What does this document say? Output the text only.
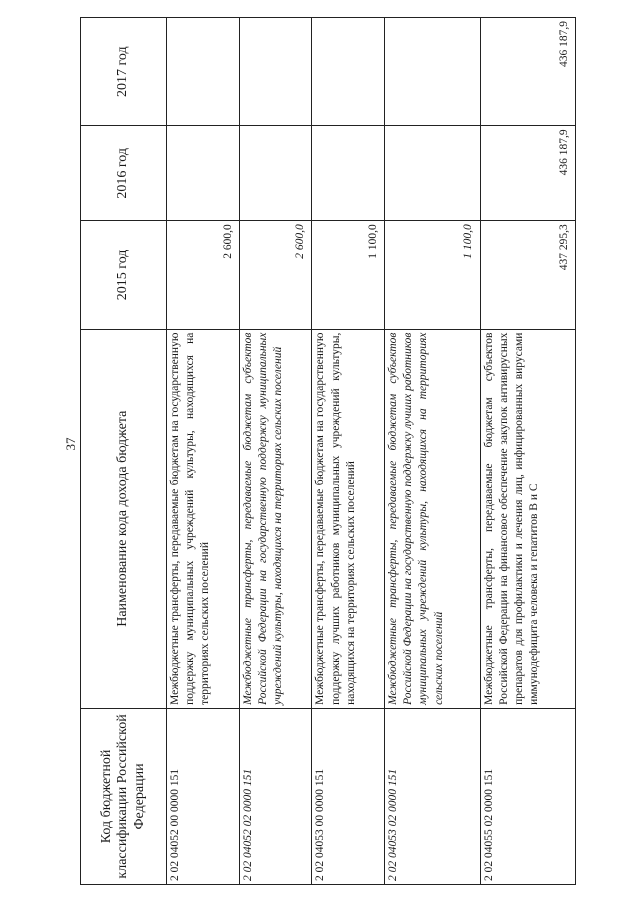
37
Код бюджетной классификации Российской Федерации	Наименование кода дохода бюджета	2015 год	2016 год	2017 год
2 02 04052 00 0000 151	Межбюджетные трансферты, передаваемые бюджетам на государственную поддержку муниципальных учреждений культуры, находящихся на территориях сельских поселений	2 600,0		
2 02 04052 02 0000 151	Межбюджетные трансферты, передаваемые бюджетам субъектов Российской Федерации на государственную поддержку муниципальных учреждений культуры, находящихся на территориях сельских поселений	2 600,0		
2 02 04053 00 0000 151	Межбюджетные трансферты, передаваемые бюджетам на государственную поддержку лучших работников муниципальных учреждений культуры, находящихся на территориях сельских поселений	1 100,0		
2 02 04053 02 0000 151	Межбюджетные трансферты, передаваемые бюджетам субъектов Российской Федерации на государственную поддержку лучших работников муниципальных учреждений культуры, находящихся на территориях сельских поселений	1 100,0		
2 02 04055 02 0000 151	Межбюджетные трансферты, передаваемые бюджетам субъектов Российской Федерации на финансовое обеспечение закупок антивирусных препаратов для профилактики и лечения лиц, инфицированных вирусами иммунодефицита человека и гепатитов В и С	437 295,3	436 187,9	436 187,9
